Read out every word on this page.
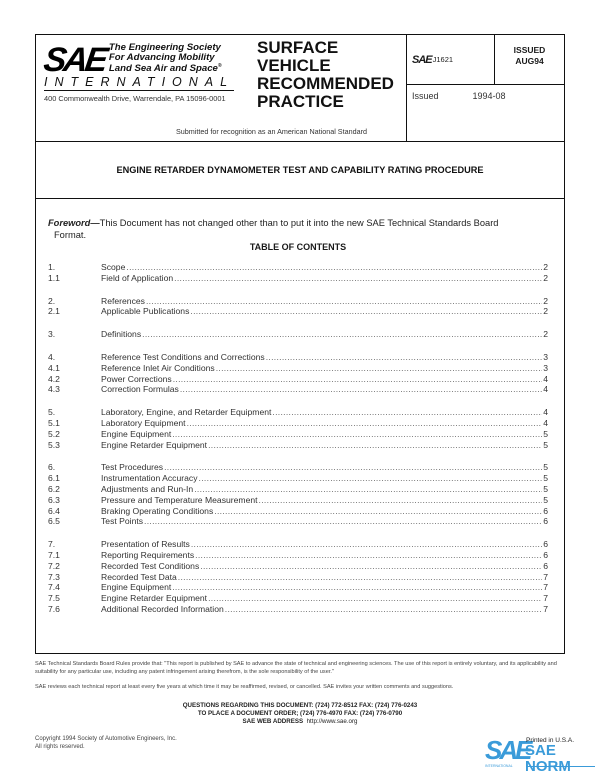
SAE The Engineering Society
For Advancing Mobility
Land Sea Air and Space®
INTERNATIONAL
400 Commonwealth Drive, Warrendale, PA 15096-0001
SURFACE
VEHICLE
RECOMMENDED
PRACTICE
Submitted for recognition as an American National Standard
SAE J1621
ISSUED
AUG94
Issued	1994-08
ENGINE RETARDER DYNAMOMETER TEST AND CAPABILITY RATING PROCEDURE

Foreword—This Document has not changed other than to put it into the new SAE Technical Standards Board
Format.

TABLE OF CONTENTS
1.	Scope .....	2
1.1	Field of Application .....	2
2.	References .....	2
2.1	Applicable Publications .....	2
3.	Definitions .....	2
4.	Reference Test Conditions and Corrections .....	3
4.1	Reference Inlet Air Conditions .....	3
4.2	Power Corrections .....	4
4.3	Correction Formulas .....	4
5.	Laboratory, Engine, and Retarder Equipment .....	4
5.1	Laboratory Equipment .....	4
5.2	Engine Equipment .....	5
5.3	Engine Retarder Equipment .....	5
6.	Test Procedures .....	5
6.1	Instrumentation Accuracy .....	5
6.2	Adjustments and Run-In .....	5
6.3	Pressure and Temperature Measurement .....	5
6.4	Braking Operating Conditions .....	6
6.5	Test Points .....	6
7.	Presentation of Results .....	6
7.1	Reporting Requirements .....	6
7.2	Recorded Test Conditions .....	6
7.3	Recorded Test Data .....	7
7.4	Engine Equipment .....	7
7.5	Engine Retarder Equipment .....	7
7.6	Additional Recorded Information .....	7
SAE Technical Standards Board Rules provide that: "This report is published by SAE to advance the state of technical and engineering sciences. The use of this report is entirely voluntary, and its applicability and suitability for any particular use, including any patent infringement arising therefrom, is the sole responsibility of the user."
SAE reviews each technical report at least every five years at which time it may be reaffirmed, revised, or cancelled. SAE invites your written comments and suggestions.
QUESTIONS REGARDING THIS DOCUMENT: (724) 772-8512 FAX: (724) 776-0243
TO PLACE A DOCUMENT ORDER; (724) 776-4970 FAX: (724) 776-0790
SAE WEB ADDRESS http://www.sae.org
Copyright 1994 Society of Automotive Engineers, Inc.
All rights reserved.	SAE
SAE NORM
INTERNATIONAL
Printed in U.S.A.
